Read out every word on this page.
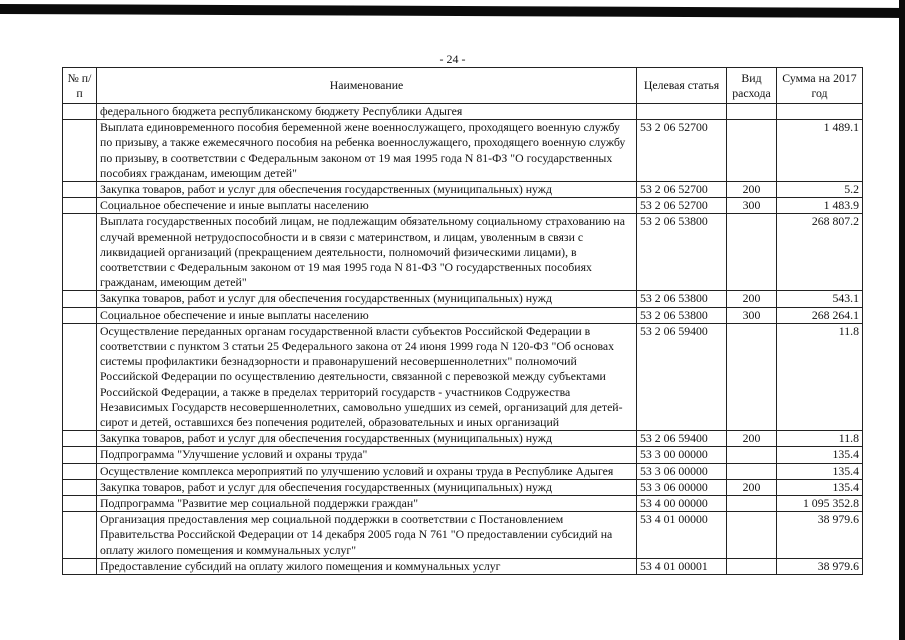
- 24 -
№ п/п	Наименование	Целевая статья	Вид расхода	Сумма на 2017 год
	федерального бюджета республиканскому бюджету Республики Адыгея			
	Выплата единовременного пособия беременной жене военнослужащего, проходящего военную службу по призыву, а также ежемесячного пособия на ребенка военнослужащего, проходящего военную службу по призыву, в соответствии с Федеральным законом от 19 мая 1995 года N 81-ФЗ "О государственных пособиях гражданам, имеющим детей"	53 2 06 52700		1 489.1
	Закупка товаров, работ и услуг для обеспечения государственных (муниципальных) нужд	53 2 06 52700	200	5.2
	Социальное обеспечение и иные выплаты населению	53 2 06 52700	300	1 483.9
	Выплата государственных пособий лицам, не подлежащим обязательному социальному страхованию на случай временной нетрудоспособности и в связи с материнством, и лицам, уволенным в связи с ликвидацией организаций (прекращением деятельности, полномочий физическими лицами), в соответствии с Федеральным законом от 19 мая 1995 года N 81-ФЗ "О государственных пособиях гражданам, имеющим детей"	53 2 06 53800		268 807.2
	Закупка товаров, работ и услуг для обеспечения государственных (муниципальных) нужд	53 2 06 53800	200	543.1
	Социальное обеспечение и иные выплаты населению	53 2 06 53800	300	268 264.1
	Осуществление переданных органам государственной власти субъектов Российской Федерации в соответствии с пунктом 3 статьи 25 Федерального закона от 24 июня 1999 года N 120-ФЗ "Об основах системы профилактики безнадзорности и правонарушений несовершеннолетних" полномочий Российской Федерации по осуществлению деятельности, связанной с перевозкой между субъектами Российской Федерации, а также в пределах территорий государств - участников Содружества Независимых Государств несовершеннолетних, самовольно ушедших из семей, организаций для детей-сирот и детей, оставшихся без попечения родителей, образовательных и иных организаций	53 2 06 59400		11.8
	Закупка товаров, работ и услуг для обеспечения государственных (муниципальных) нужд	53 2 06 59400	200	11.8
	Подпрограмма "Улучшение условий и охраны труда"	53 3 00 00000		135.4
	Осуществление комплекса мероприятий по улучшению условий и охраны труда в Республике Адыгея	53 3 06 00000		135.4
	Закупка товаров, работ и услуг для обеспечения государственных (муниципальных) нужд	53 3 06 00000	200	135.4
	Подпрограмма "Развитие мер социальной поддержки граждан"	53 4 00 00000		1 095 352.8
	Организация предоставления мер социальной поддержки в соответствии с Постановлением Правительства Российской Федерации от 14 декабря 2005 года N 761 "О предоставлении субсидий на оплату жилого помещения и коммунальных услуг"	53 4 01 00000		38 979.6
	Предоставление субсидий на оплату жилого помещения и коммунальных услуг	53 4 01 00001		38 979.6
